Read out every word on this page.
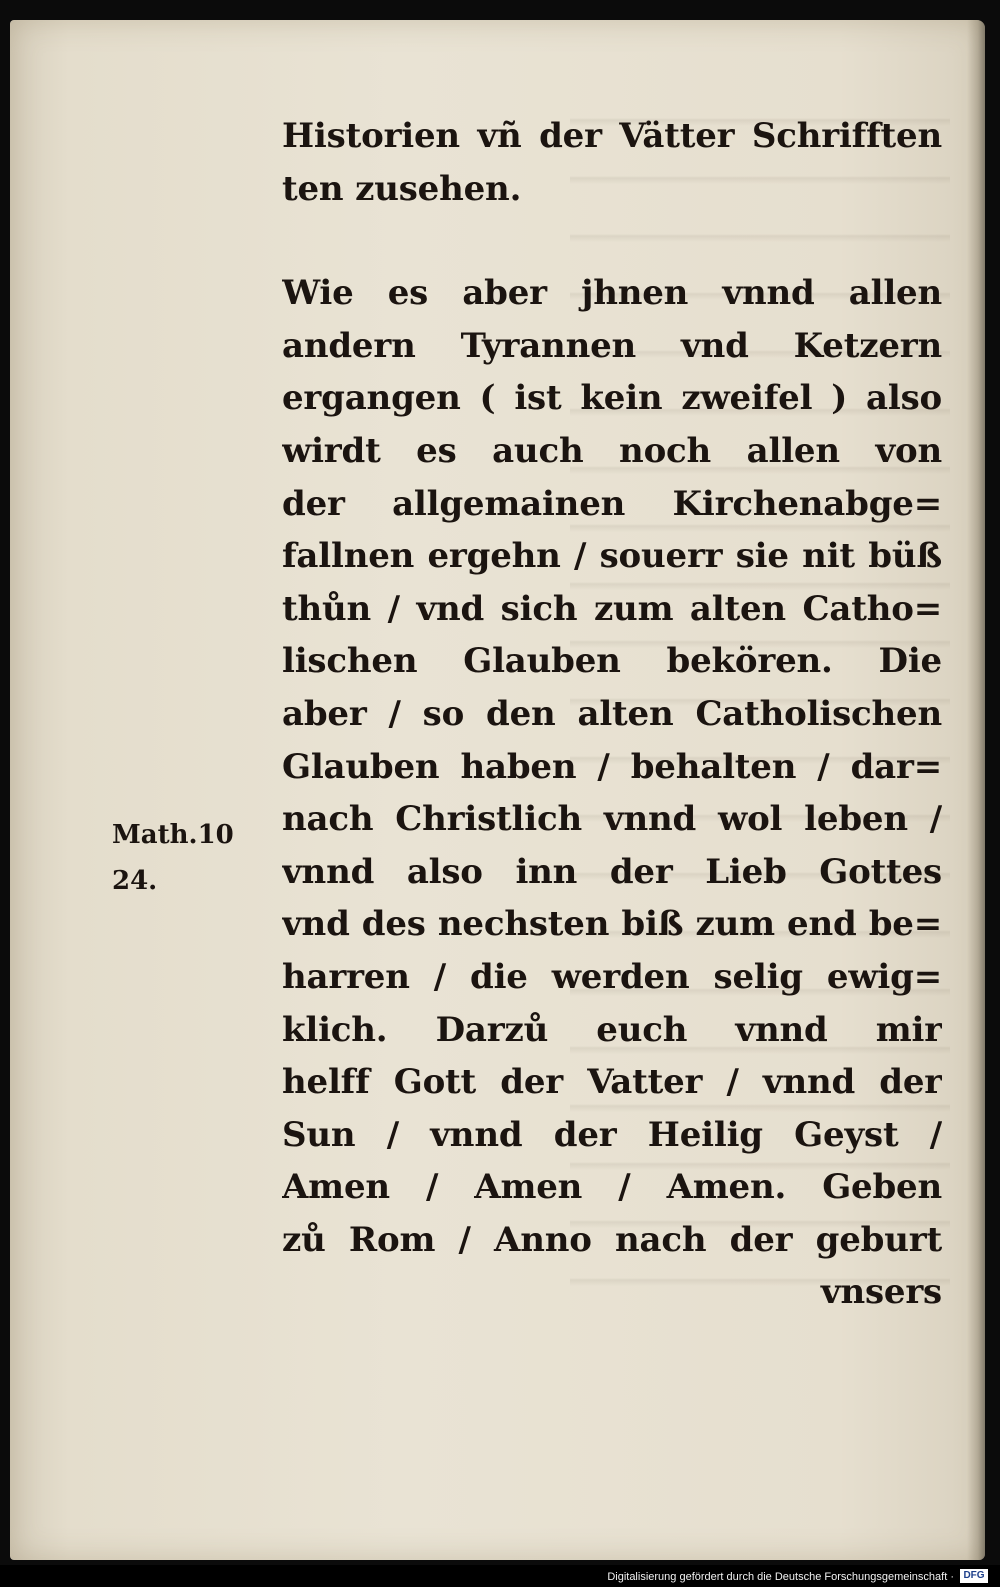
Historien vñ der Vätter Schrifften
ten zusehen.
Wie es aber jhnen vnnd allen
andern Tyrannen vnd Ketzern
ergangen ( ist kein zweifel ) also
wirdt es auch noch allen von
der allgemainen Kirchenabge=
fallnen ergehn / souerr sie nit büß
thůn / vnd sich zum alten Catho=
lischen Glauben bekören. Die
aber / so den alten Catholischen
Glauben haben / behalten / dar=
nach Christlich vnnd wol leben /
vnnd also inn der Lieb Gottes
vnd des nechsten biß zum end be=
harren / die werden selig ewig=
klich. Darzů euch vnnd mir
helff Gott der Vatter / vnnd der
Sun / vnnd der Heilig Geyst /
Amen / Amen / Amen. Geben
zů Rom / Anno nach der geburt
vnsers
Math.10
24.
Digitalisierung gefördert durch die Deutsche Forschungsgemeinschaft · DFG
